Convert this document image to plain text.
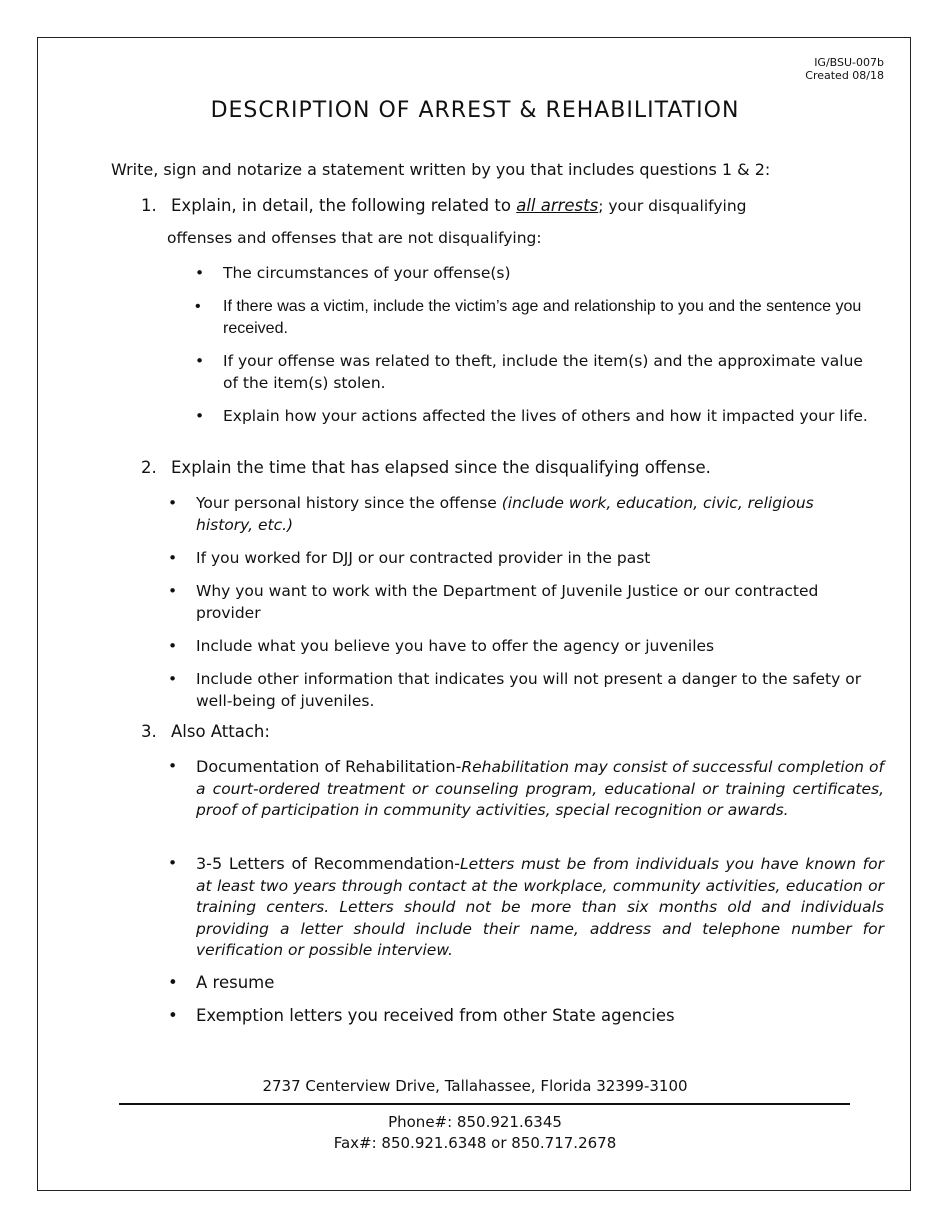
IG/BSU-007b
Created 08/18
DESCRIPTION OF ARREST & REHABILITATION
Write, sign and notarize a statement written by you that includes questions 1 & 2:
1. Explain, in detail, the following related to all arrests; your disqualifying
offenses and offenses that are not disqualifying:
• The circumstances of your offense(s)
• If there was a victim, include the victim’s age and relationship to you and the sentence you received.
• If your offense was related to theft, include the item(s) and the approximate value of the item(s) stolen.
• Explain how your actions affected the lives of others and how it impacted your life.
2. Explain the time that has elapsed since the disqualifying offense.
• Your personal history since the offense (include work, education, civic, religious history, etc.)
• If you worked for DJJ or our contracted provider in the past
• Why you want to work with the Department of Juvenile Justice or our contracted provider
• Include what you believe you have to offer the agency or juveniles
• Include other information that indicates you will not present a danger to the safety or well-being of juveniles.
3. Also Attach:
• Documentation of Rehabilitation-Rehabilitation may consist of successful completion of a court-ordered treatment or counseling program, educational or training certificates, proof of participation in community activities, special recognition or awards.
• 3-5 Letters of Recommendation-Letters must be from individuals you have known for at least two years through contact at the workplace, community activities, education or training centers. Letters should not be more than six months old and individuals providing a letter should include their name, address and telephone number for verification or possible interview.
• A resume
• Exemption letters you received from other State agencies
2737 Centerview Drive, Tallahassee, Florida 32399-3100
Phone#: 850.921.6345
Fax#: 850.921.6348 or 850.717.2678
